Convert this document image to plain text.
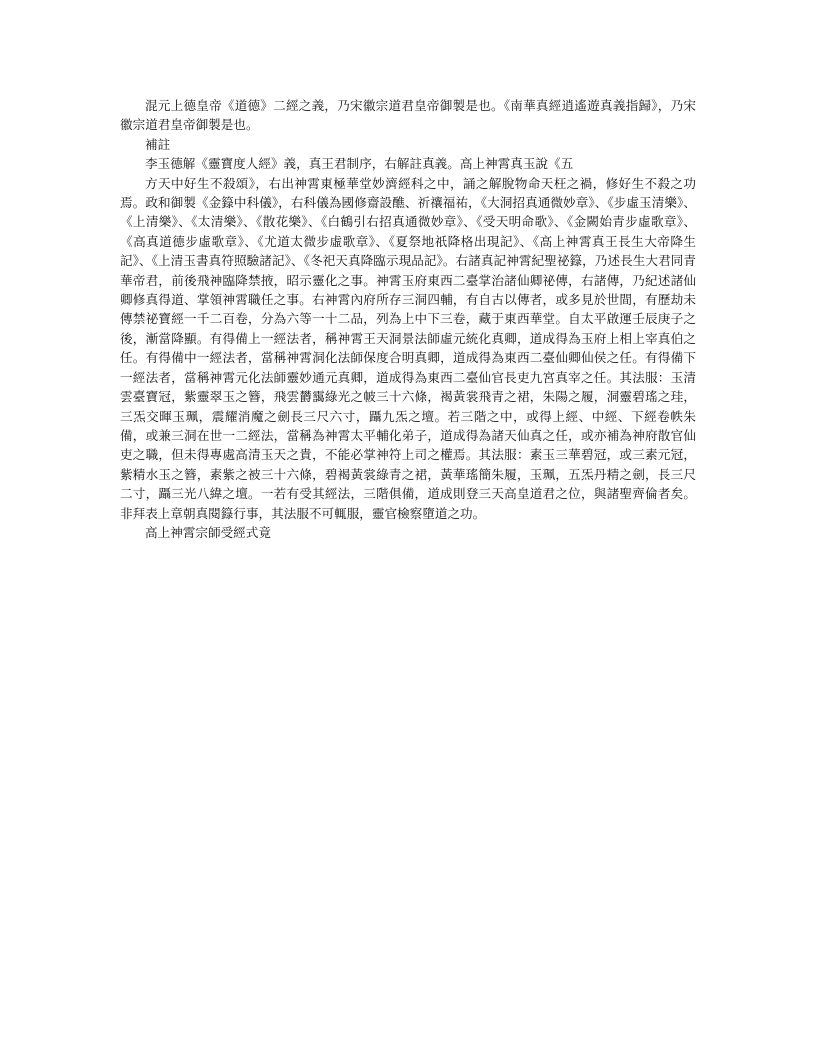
混元上德皇帝《道德》二經之義，乃宋徽宗道君皇帝御製是也。《南華真經逍遙遊真義指歸》，乃宋徽宗道君皇帝御製是也。

補註

李玉德解《靈寶度人經》義，真王君制序，右解註真義。高上神霄真玉說《五

方天中好生不殺頌》，右出神霄東極華堂妙濟經科之中，誦之解脫物命天枉之禍，修好生不殺之功焉。政和御製《金籙中科儀》，右科儀為國修齋設醮、祈禳福祐，《大洞招真通微妙章》、《步虛玉清樂》、《上清樂》、《太清樂》、《散花樂》、《白鶴引右招真通微妙章》、《受天明命歌》、《金闕始青步虛歌章》、《高真道德步虛歌章》、《尤道太微步虛歌章》、《夏祭地祇降格出現記》、《高上神霄真王長生大帝降生記》、《上清玉書真符照驗諸記》、《冬祀天真降臨示現品記》。右諸真記神霄紀聖祕籙，乃述長生大君同青華帝君，前後飛神臨降禁掖，昭示靈化之事。神霄玉府東西二臺掌治諸仙卿祕傳，右諸傳，乃紀述諸仙卿修真得道、掌領神霄職任之事。右神霄內府所存三洞四輔，有自古以傳者，或多見於世間，有歷劫未傳禁祕寶經一千二百卷，分為六等一十二品，列為上中下三卷，藏于東西華堂。自太平啟運壬辰庚子之後，漸當降顯。有得備上一經法者，稱神霄王天洞景法師虛元統化真卿，道成得為玉府上相上宰真伯之任。有得備中一經法者，當稱神霄洞化法師保度合明真卿，道成得為東西二臺仙卿仙侯之任。有得備下一經法者，當稱神霄元化法師靈妙通元真卿，道成得為東西二臺仙官長吏九宮真宰之任。其法服：玉清雲臺寶冠，紫靈翠玉之簪，飛雲欝靄綠光之帔三十六條，褐黃裳飛青之裙，朱陽之履，洞靈碧瑤之珪，三炁交暉玉珮，震耀消魔之劍長三尺六寸，躡九炁之壇。若三階之中，或得上經、中經、下經卷帙朱備，或兼三洞在世一二經法，當稱為神霄太平輔化弟子，道成得為諸天仙真之任，或亦補為神府散官仙吏之職，但未得專處高清玉天之貴，不能必掌神符上司之權焉。其法服：素玉三華碧冠，或三素元冠，紫精水玉之簪，素紫之被三十六條，碧褐黃裳綠青之裙，黃華瑤簡朱履，玉珮，五炁丹精之劍，長三尺二寸，躡三光八緯之壇。一若有受其經法，三階俱備，道成則登三天高皇道君之位，與諸聖齊倫者矣。非拜表上章朝真閱籙行事，其法服不可輒服，靈官檢察墮道之功。

高上神霄宗師受經式竟
